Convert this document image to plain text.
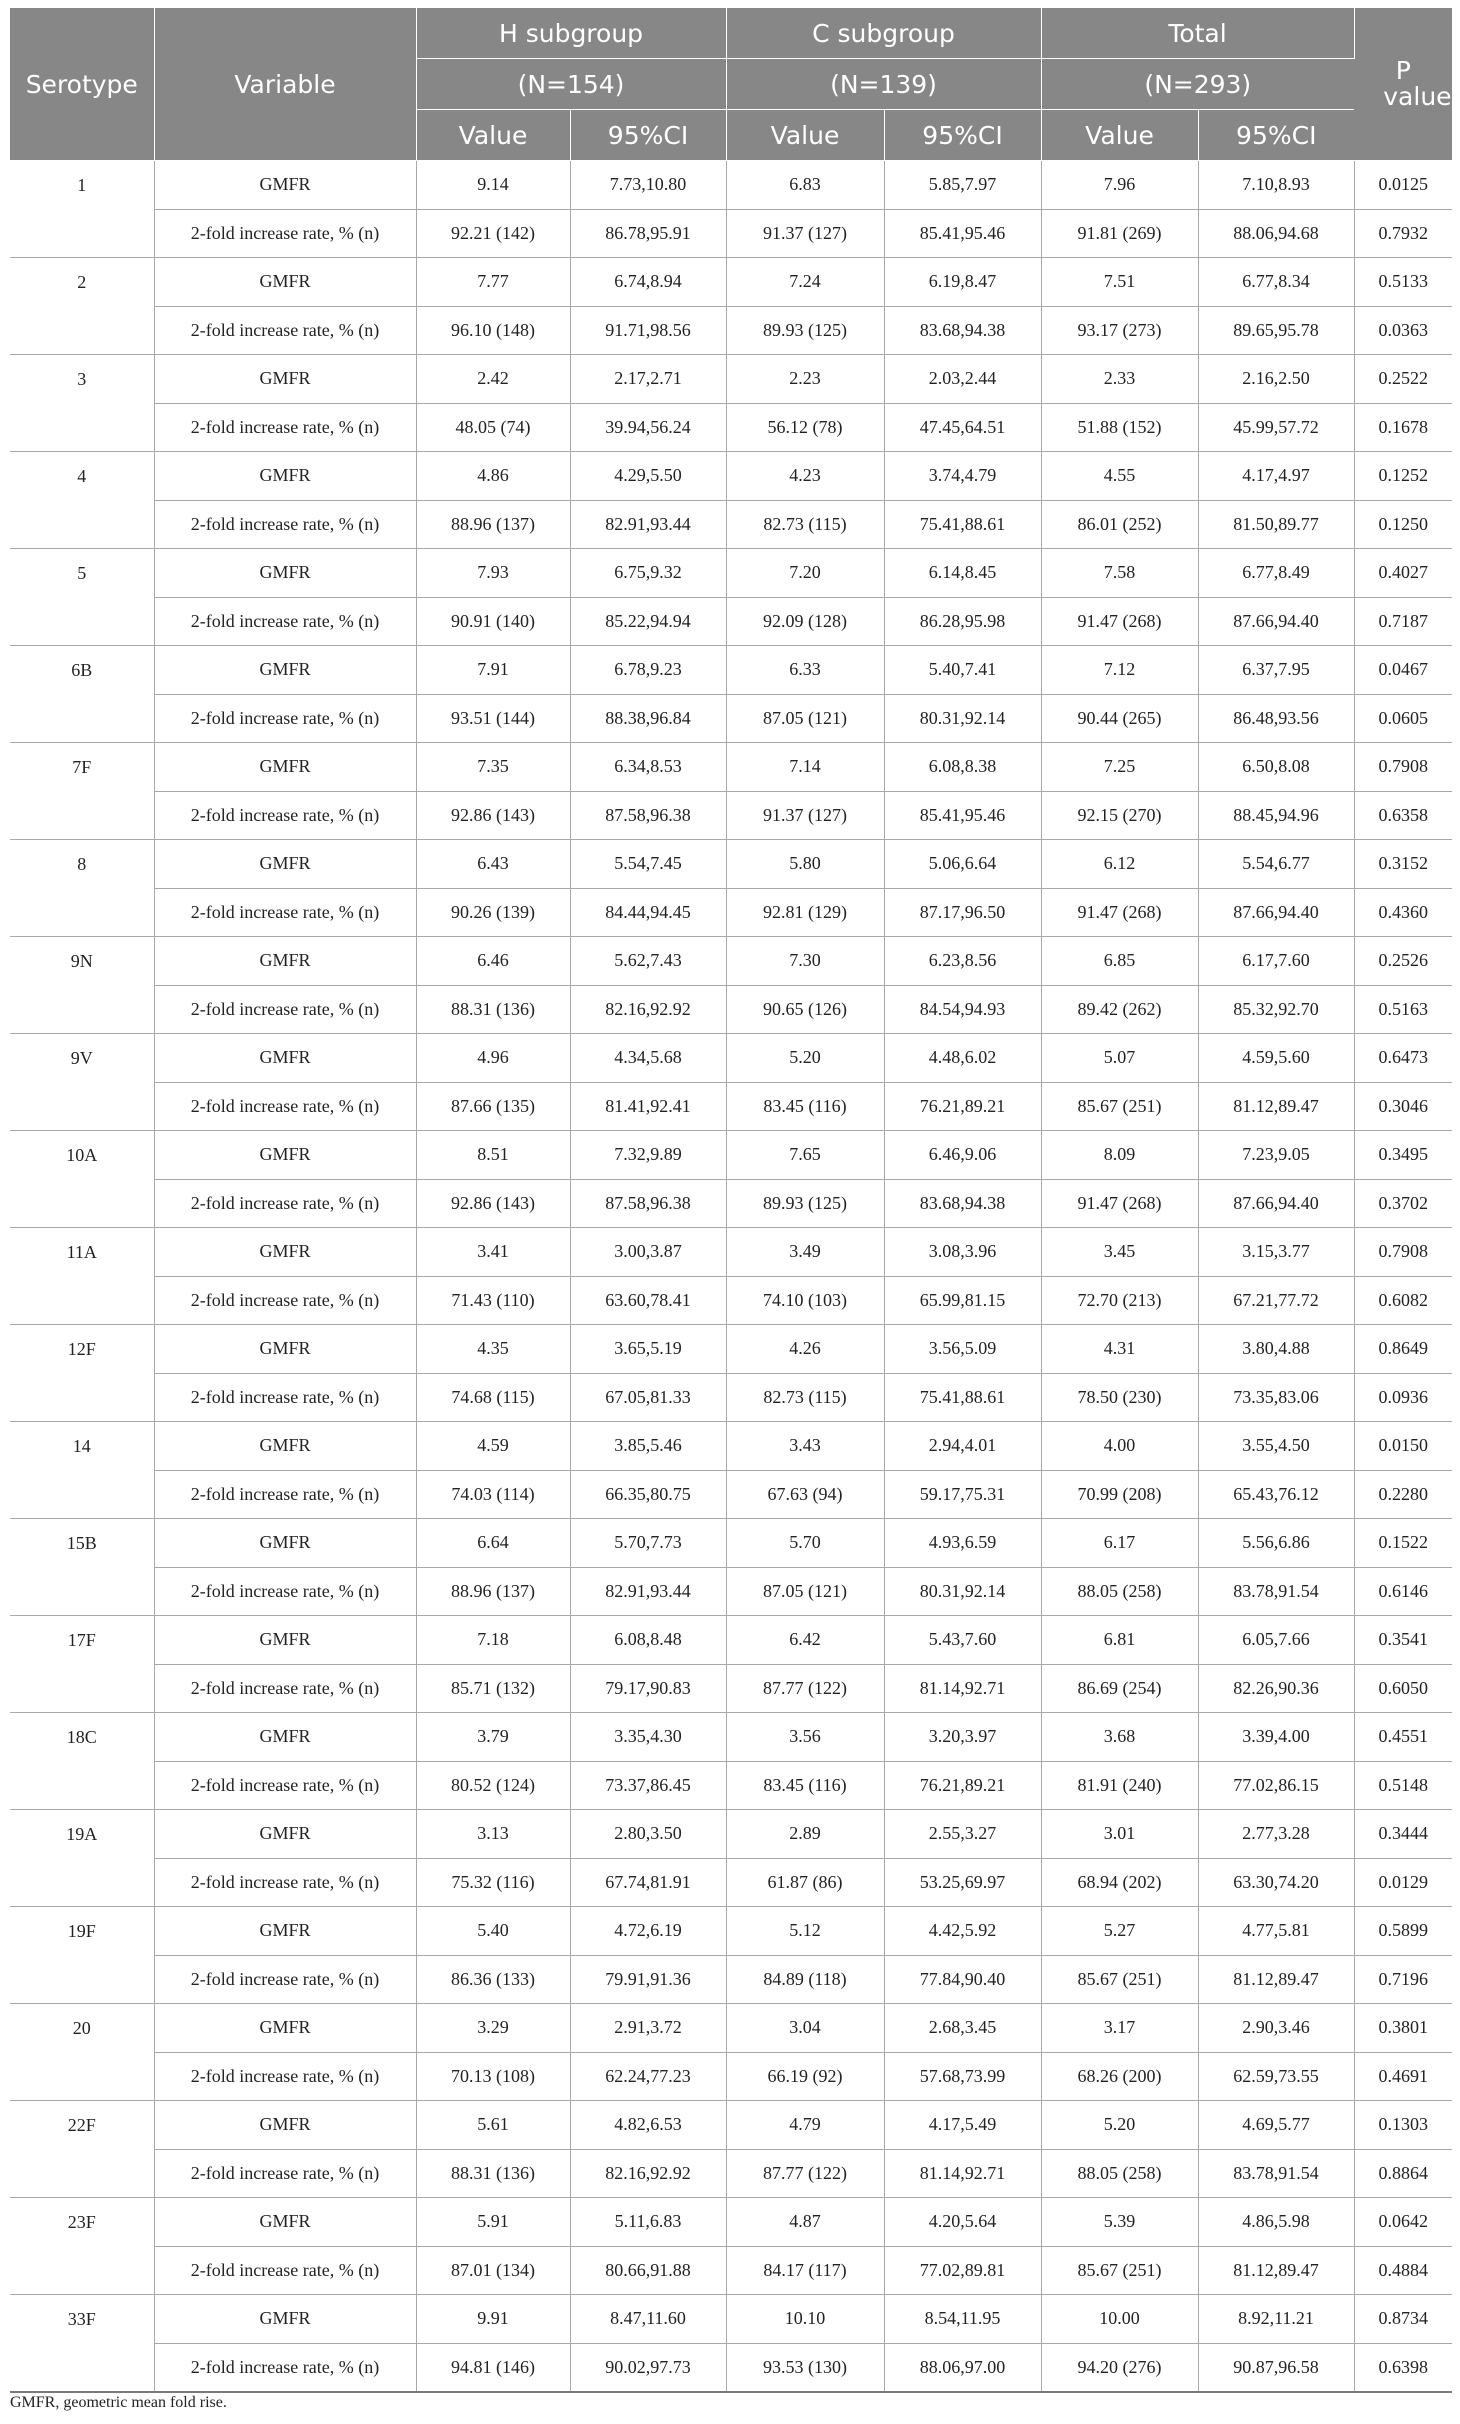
Serotype	Variable	H subgroup		C subgroup		Total		P value
		(N=154)		(N=139)		(N=293)		
		Value	95%CI	Value	95%CI	Value	95%CI	
1	GMFR	9.14	7.73,10.80	6.83	5.85,7.97	7.96	7.10,8.93	0.0125
	2-fold increase rate, % (n)	92.21 (142)	86.78,95.91	91.37 (127)	85.41,95.46	91.81 (269)	88.06,94.68	0.7932
2	GMFR	7.77	6.74,8.94	7.24	6.19,8.47	7.51	6.77,8.34	0.5133
	2-fold increase rate, % (n)	96.10 (148)	91.71,98.56	89.93 (125)	83.68,94.38	93.17 (273)	89.65,95.78	0.0363
3	GMFR	2.42	2.17,2.71	2.23	2.03,2.44	2.33	2.16,2.50	0.2522
	2-fold increase rate, % (n)	48.05 (74)	39.94,56.24	56.12 (78)	47.45,64.51	51.88 (152)	45.99,57.72	0.1678
4	GMFR	4.86	4.29,5.50	4.23	3.74,4.79	4.55	4.17,4.97	0.1252
	2-fold increase rate, % (n)	88.96 (137)	82.91,93.44	82.73 (115)	75.41,88.61	86.01 (252)	81.50,89.77	0.1250
5	GMFR	7.93	6.75,9.32	7.20	6.14,8.45	7.58	6.77,8.49	0.4027
	2-fold increase rate, % (n)	90.91 (140)	85.22,94.94	92.09 (128)	86.28,95.98	91.47 (268)	87.66,94.40	0.7187
6B	GMFR	7.91	6.78,9.23	6.33	5.40,7.41	7.12	6.37,7.95	0.0467
	2-fold increase rate, % (n)	93.51 (144)	88.38,96.84	87.05 (121)	80.31,92.14	90.44 (265)	86.48,93.56	0.0605
7F	GMFR	7.35	6.34,8.53	7.14	6.08,8.38	7.25	6.50,8.08	0.7908
	2-fold increase rate, % (n)	92.86 (143)	87.58,96.38	91.37 (127)	85.41,95.46	92.15 (270)	88.45,94.96	0.6358
8	GMFR	6.43	5.54,7.45	5.80	5.06,6.64	6.12	5.54,6.77	0.3152
	2-fold increase rate, % (n)	90.26 (139)	84.44,94.45	92.81 (129)	87.17,96.50	91.47 (268)	87.66,94.40	0.4360
9N	GMFR	6.46	5.62,7.43	7.30	6.23,8.56	6.85	6.17,7.60	0.2526
	2-fold increase rate, % (n)	88.31 (136)	82.16,92.92	90.65 (126)	84.54,94.93	89.42 (262)	85.32,92.70	0.5163
9V	GMFR	4.96	4.34,5.68	5.20	4.48,6.02	5.07	4.59,5.60	0.6473
	2-fold increase rate, % (n)	87.66 (135)	81.41,92.41	83.45 (116)	76.21,89.21	85.67 (251)	81.12,89.47	0.3046
10A	GMFR	8.51	7.32,9.89	7.65	6.46,9.06	8.09	7.23,9.05	0.3495
	2-fold increase rate, % (n)	92.86 (143)	87.58,96.38	89.93 (125)	83.68,94.38	91.47 (268)	87.66,94.40	0.3702
11A	GMFR	3.41	3.00,3.87	3.49	3.08,3.96	3.45	3.15,3.77	0.7908
	2-fold increase rate, % (n)	71.43 (110)	63.60,78.41	74.10 (103)	65.99,81.15	72.70 (213)	67.21,77.72	0.6082
12F	GMFR	4.35	3.65,5.19	4.26	3.56,5.09	4.31	3.80,4.88	0.8649
	2-fold increase rate, % (n)	74.68 (115)	67.05,81.33	82.73 (115)	75.41,88.61	78.50 (230)	73.35,83.06	0.0936
14	GMFR	4.59	3.85,5.46	3.43	2.94,4.01	4.00	3.55,4.50	0.0150
	2-fold increase rate, % (n)	74.03 (114)	66.35,80.75	67.63 (94)	59.17,75.31	70.99 (208)	65.43,76.12	0.2280
15B	GMFR	6.64	5.70,7.73	5.70	4.93,6.59	6.17	5.56,6.86	0.1522
	2-fold increase rate, % (n)	88.96 (137)	82.91,93.44	87.05 (121)	80.31,92.14	88.05 (258)	83.78,91.54	0.6146
17F	GMFR	7.18	6.08,8.48	6.42	5.43,7.60	6.81	6.05,7.66	0.3541
	2-fold increase rate, % (n)	85.71 (132)	79.17,90.83	87.77 (122)	81.14,92.71	86.69 (254)	82.26,90.36	0.6050
18C	GMFR	3.79	3.35,4.30	3.56	3.20,3.97	3.68	3.39,4.00	0.4551
	2-fold increase rate, % (n)	80.52 (124)	73.37,86.45	83.45 (116)	76.21,89.21	81.91 (240)	77.02,86.15	0.5148
19A	GMFR	3.13	2.80,3.50	2.89	2.55,3.27	3.01	2.77,3.28	0.3444
	2-fold increase rate, % (n)	75.32 (116)	67.74,81.91	61.87 (86)	53.25,69.97	68.94 (202)	63.30,74.20	0.0129
19F	GMFR	5.40	4.72,6.19	5.12	4.42,5.92	5.27	4.77,5.81	0.5899
	2-fold increase rate, % (n)	86.36 (133)	79.91,91.36	84.89 (118)	77.84,90.40	85.67 (251)	81.12,89.47	0.7196
20	GMFR	3.29	2.91,3.72	3.04	2.68,3.45	3.17	2.90,3.46	0.3801
	2-fold increase rate, % (n)	70.13 (108)	62.24,77.23	66.19 (92)	57.68,73.99	68.26 (200)	62.59,73.55	0.4691
22F	GMFR	5.61	4.82,6.53	4.79	4.17,5.49	5.20	4.69,5.77	0.1303
	2-fold increase rate, % (n)	88.31 (136)	82.16,92.92	87.77 (122)	81.14,92.71	88.05 (258)	83.78,91.54	0.8864
23F	GMFR	5.91	5.11,6.83	4.87	4.20,5.64	5.39	4.86,5.98	0.0642
	2-fold increase rate, % (n)	87.01 (134)	80.66,91.88	84.17 (117)	77.02,89.81	85.67 (251)	81.12,89.47	0.4884
33F	GMFR	9.91	8.47,11.60	10.10	8.54,11.95	10.00	8.92,11.21	0.8734
	2-fold increase rate, % (n)	94.81 (146)	90.02,97.73	93.53 (130)	88.06,97.00	94.20 (276)	90.87,96.58	0.6398
GMFR, geometric mean fold rise.
